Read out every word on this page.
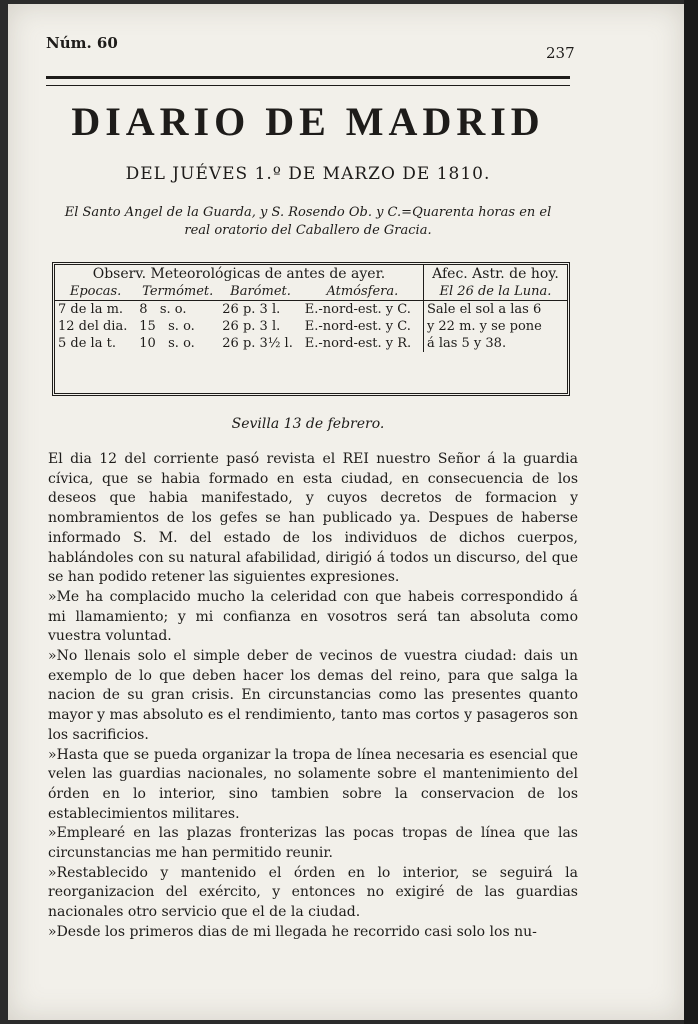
Núm. 60
237
DIARIO DE MADRID
DEL JUÉVES 1.º DE MARZO DE 1810.
El Santo Angel de la Guarda, y S. Rosendo Ob. y C.=Quarenta horas en el real oratorio del Caballero de Gracia.
Observ. Meteorológicas de antes de ayer.				Afec. Astr. de hoy.
Epocas.	Termómet.	Barómet.	Atmósfera.	El 26 de la Luna.
7 de la m.	8 s. o.	26 p. 3 l.	E.-nord-est. y C.	Sale el sol a las 6
12 del dia.	15 s. o.	26 p. 3 l.	E.-nord-est. y C.	y 22 m. y se pone
5 de la t.	10 s. o.	26 p. 3½ l.	E.-nord-est. y R.	á las 5 y 38.
Sevilla 13 de febrero.

El dia 12 del corriente pasó revista el REI nuestro Señor á la guardia cívica, que se habia formado en esta ciudad, en consecuencia de los deseos que habia manifestado, y cuyos decretos de formacion y nombramientos de los gefes se han publicado ya. Despues de haberse informado S. M. del estado de los individuos de dichos cuerpos, hablándoles con su natural afabilidad, dirigió á todos un discurso, del que se han podido retener las siguientes expresiones.

»Me ha complacido mucho la celeridad con que habeis correspondido á mi llamamiento; y mi confianza en vosotros será tan absoluta como vuestra voluntad.

»No llenais solo el simple deber de vecinos de vuestra ciudad: dais un exemplo de lo que deben hacer los demas del reino, para que salga la nacion de su gran crisis. En circunstancias como las presentes quanto mayor y mas absoluto es el rendimiento, tanto mas cortos y pasageros son los sacrificios.

»Hasta que se pueda organizar la tropa de línea necesaria es esencial que velen las guardias nacionales, no solamente sobre el mantenimiento del órden en lo interior, sino tambien sobre la conservacion de los establecimientos militares.

»Emplearé en las plazas fronterizas las pocas tropas de línea que las circunstancias me han permitido reunir.

»Restablecido y mantenido el órden en lo interior, se seguirá la reorganizacion del exército, y entonces no exigiré de las guardias nacionales otro servicio que el de la ciudad.

»Desde los primeros dias de mi llegada he recorrido casi solo los nu-
